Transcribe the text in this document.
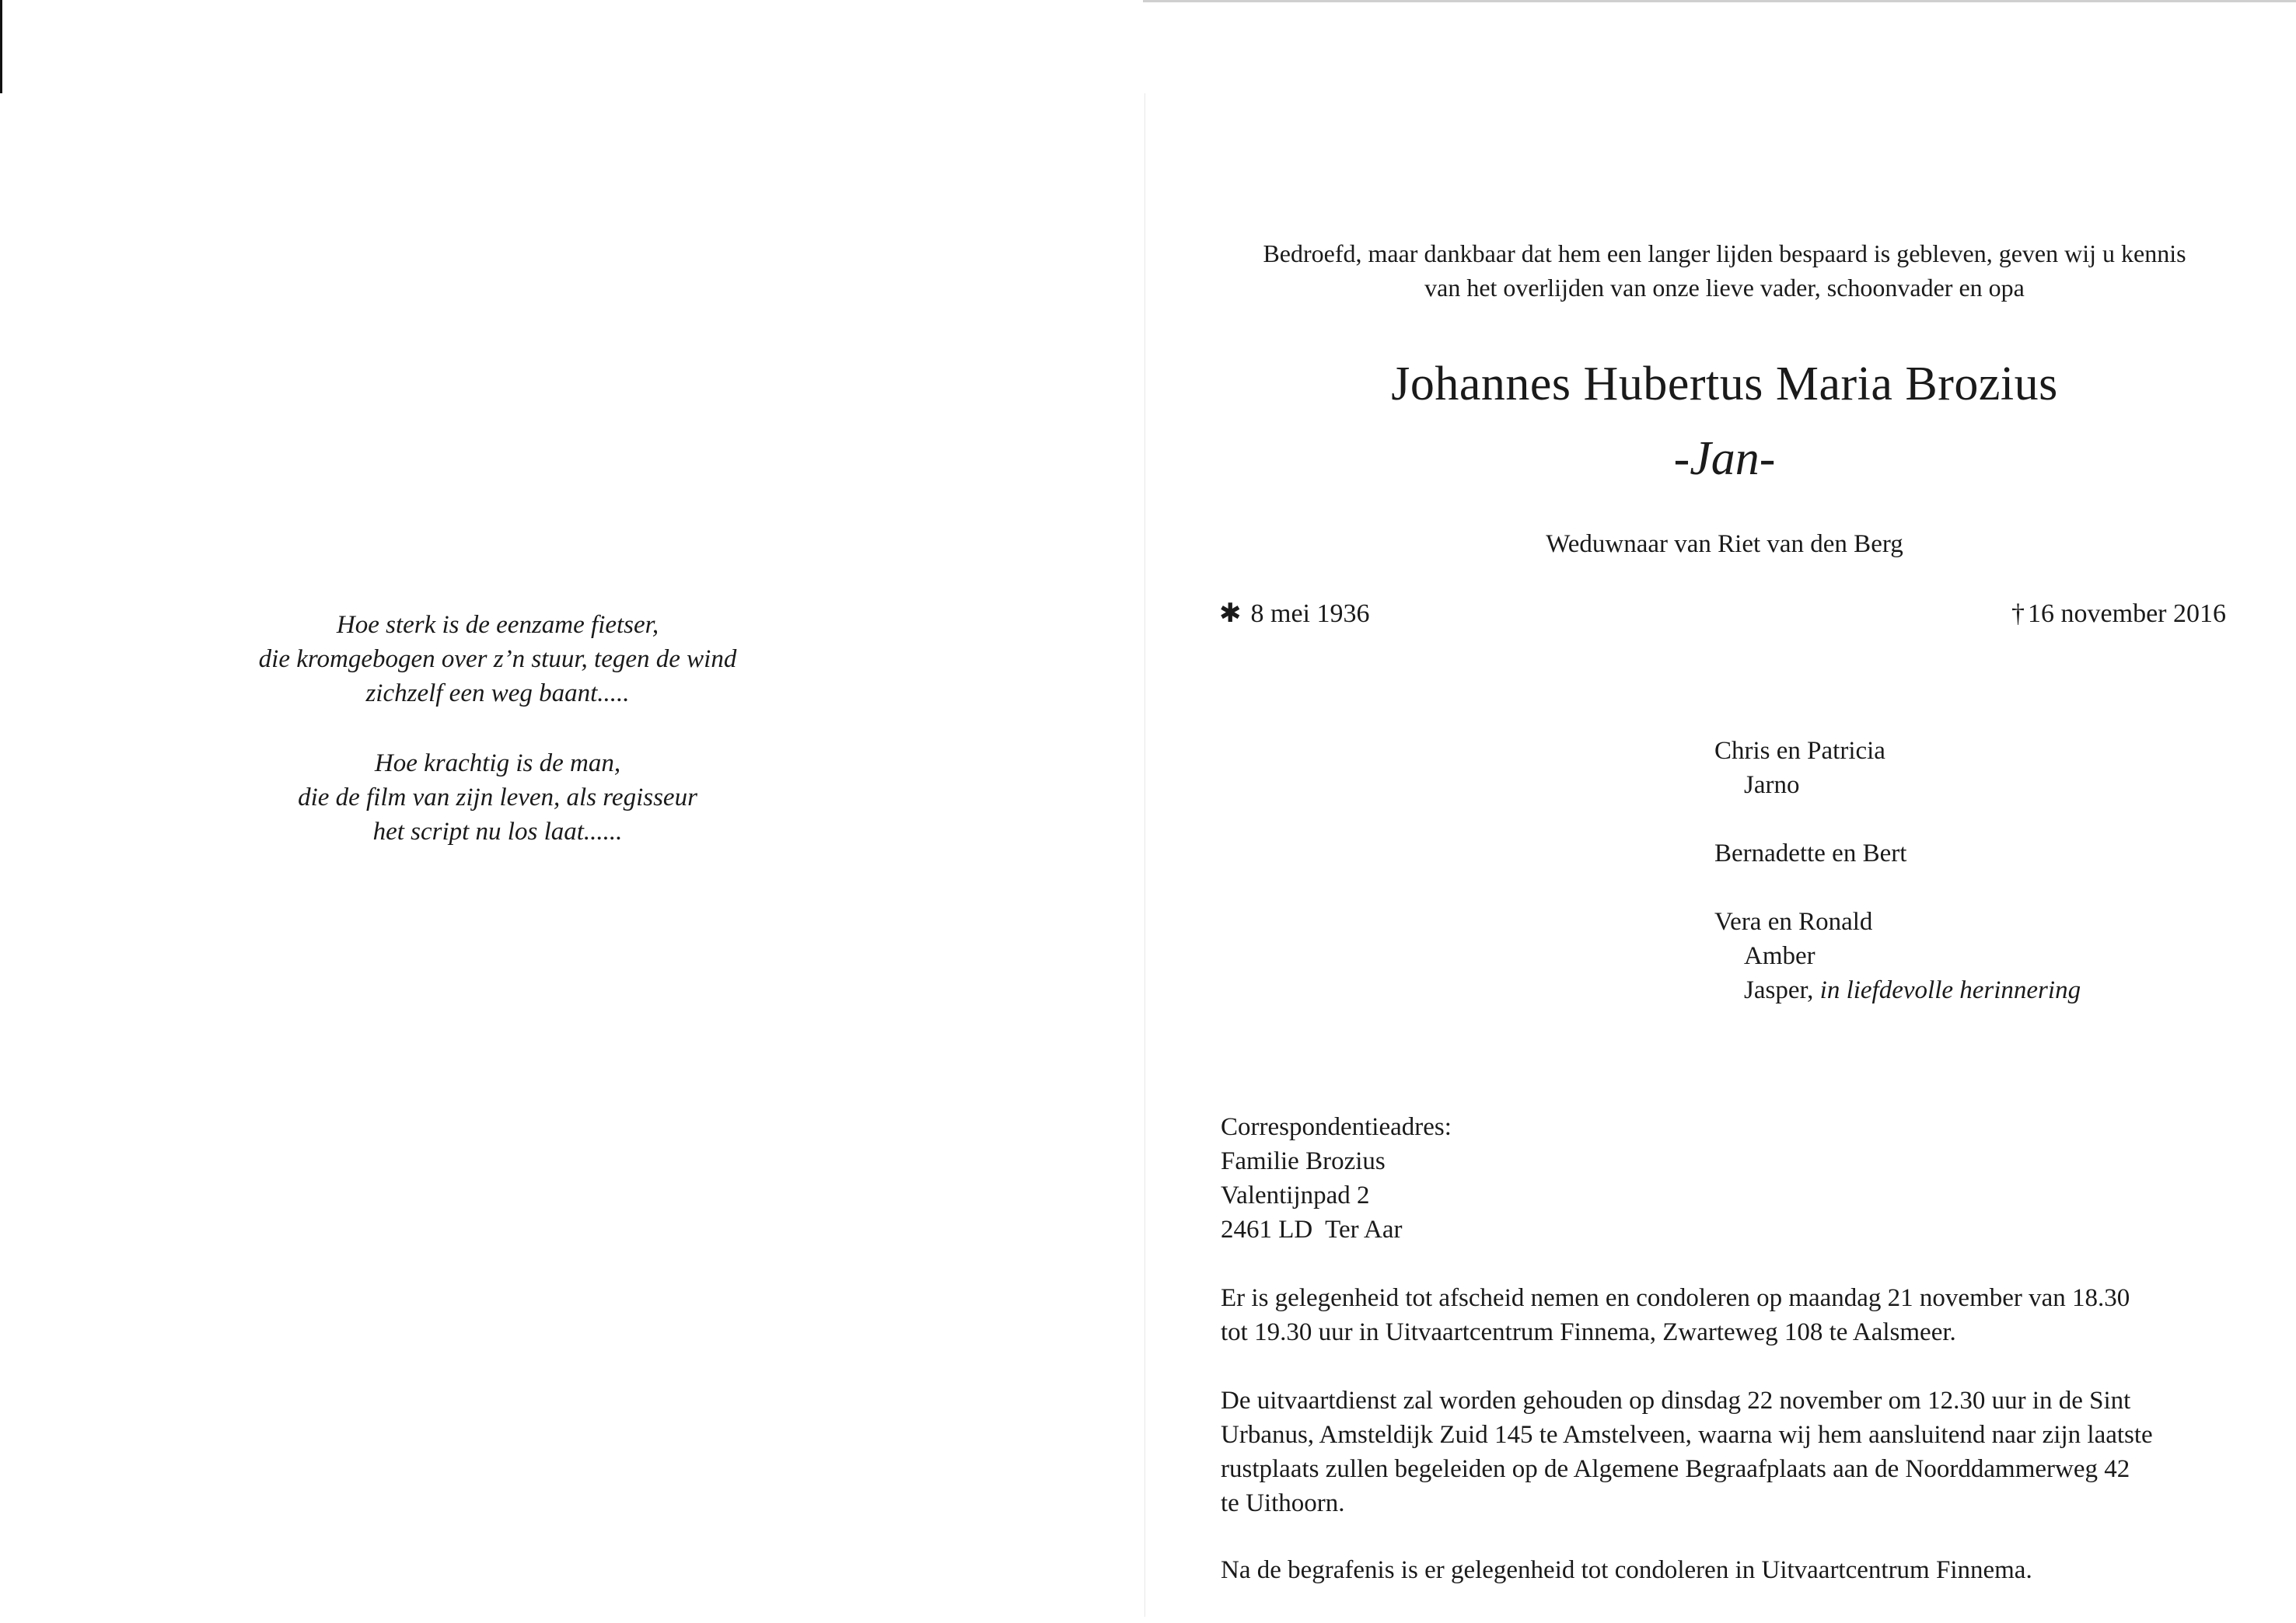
Hoe sterk is de eenzame fietser,
die kromgebogen over z’n stuur, tegen de wind
zichzelf een weg baant.....
Hoe krachtig is de man,
die de film van zijn leven, als regisseur
het script nu los laat......
Bedroefd, maar dankbaar dat hem een langer lijden bespaard is gebleven, geven wij u kennis
van het overlijden van onze lieve vader, schoonvader en opa
Johannes Hubertus Maria Brozius
-Jan-
Weduwnaar van Riet van den Berg
✱ 8 mei 1936	† 16 november 2016
Chris en Patricia
Jarno
Bernadette en Bert
Vera en Ronald
Amber
Jasper, in liefdevolle herinnering
Correspondentieadres:
Familie Brozius
Valentijnpad 2
2461 LD  Ter Aar
Er is gelegenheid tot afscheid nemen en condoleren op maandag 21 november van 18.30
tot 19.30 uur in Uitvaartcentrum Finnema, Zwarteweg 108 te Aalsmeer.
De uitvaartdienst zal worden gehouden op dinsdag 22 november om 12.30 uur in de Sint
Urbanus, Amsteldijk Zuid 145 te Amstelveen, waarna wij hem aansluitend naar zijn laatste
rustplaats zullen begeleiden op de Algemene Begraafplaats aan de Noorddammerweg 42
te Uithoorn.
Na de begrafenis is er gelegenheid tot condoleren in Uitvaartcentrum Finnema.
